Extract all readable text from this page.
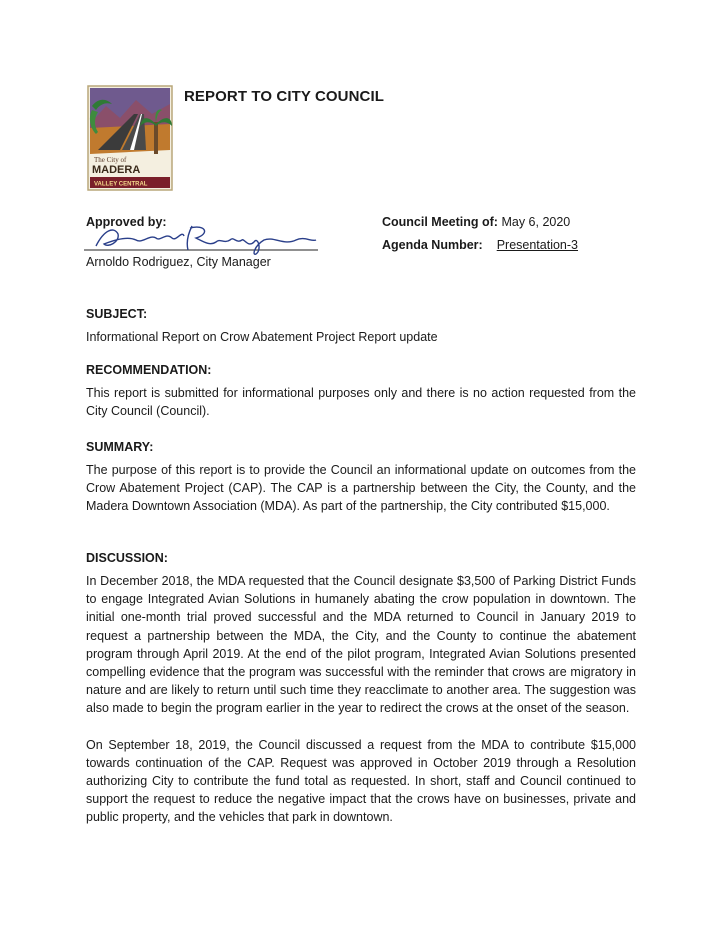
The City of
MADERA
VALLEY CENTRAL
REPORT TO CITY COUNCIL
Approved by:
Arnoldo Rodriguez, City Manager
Council Meeting of: May 6, 2020
Agenda Number: Presentation-3

SUBJECT:

Informational Report on Crow Abatement Project Report update

RECOMMENDATION:

This report is submitted for informational purposes only and there is no action requested from the City Council (Council).

SUMMARY:

The purpose of this report is to provide the Council an informational update on outcomes from the Crow Abatement Project (CAP). The CAP is a partnership between the City, the County, and the Madera Downtown Association (MDA). As part of the partnership, the City contributed $15,000.

DISCUSSION:

In December 2018, the MDA requested that the Council designate $3,500 of Parking District Funds to engage Integrated Avian Solutions in humanely abating the crow population in downtown. The initial one-month trial proved successful and the MDA returned to Council in January 2019 to request a partnership between the MDA, the City, and the County to continue the abatement program through April 2019. At the end of the pilot program, Integrated Avian Solutions presented compelling evidence that the program was successful with the reminder that crows are migratory in nature and are likely to return until such time they reacclimate to another area. The suggestion was also made to begin the program earlier in the year to redirect the crows at the onset of the season.

On September 18, 2019, the Council discussed a request from the MDA to contribute $15,000 towards continuation of the CAP. Request was approved in October 2019 through a Resolution authorizing City to contribute the fund total as requested. In short, staff and Council continued to support the request to reduce the negative impact that the crows have on businesses, private and public property, and the vehicles that park in downtown.
